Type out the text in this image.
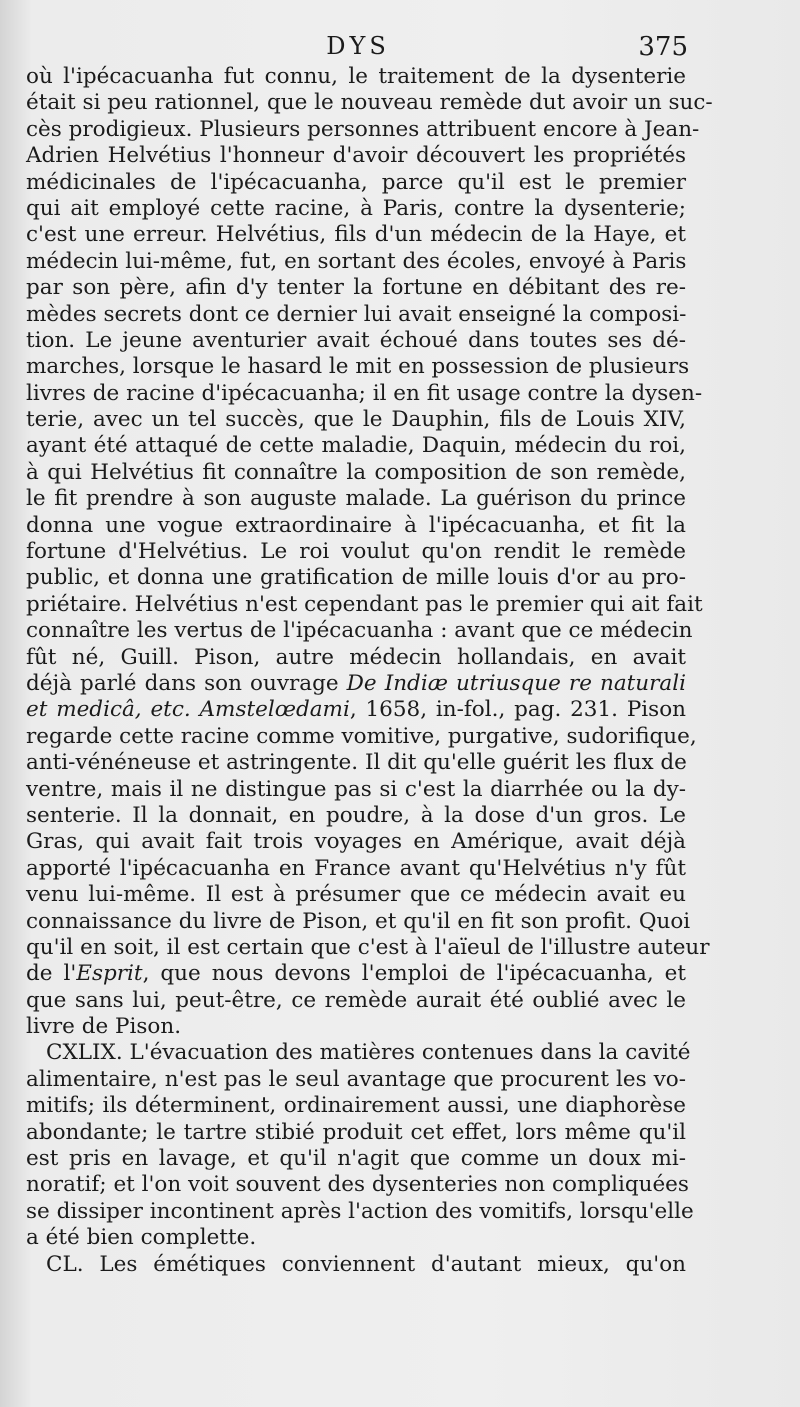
DYS	375
où l'ipécacuanha fut connu, le traitement de la dysenterie
était si peu rationnel, que le nouveau remède dut avoir un suc-
cès prodigieux. Plusieurs personnes attribuent encore à Jean-
Adrien Helvétius l'honneur d'avoir découvert les propriétés
médicinales de l'ipécacuanha, parce qu'il est le premier
qui ait employé cette racine, à Paris, contre la dysenterie;
c'est une erreur. Helvétius, fils d'un médecin de la Haye, et
médecin lui-même, fut, en sortant des écoles, envoyé à Paris
par son père, afin d'y tenter la fortune en débitant des re-
mèdes secrets dont ce dernier lui avait enseigné la composi-
tion. Le jeune aventurier avait échoué dans toutes ses dé-
marches, lorsque le hasard le mit en possession de plusieurs
livres de racine d'ipécacuanha; il en fit usage contre la dysen-
terie, avec un tel succès, que le Dauphin, fils de Louis XIV,
ayant été attaqué de cette maladie, Daquin, médecin du roi,
à qui Helvétius fit connaître la composition de son remède,
le fit prendre à son auguste malade. La guérison du prince
donna une vogue extraordinaire à l'ipécacuanha, et fit la
fortune d'Helvétius. Le roi voulut qu'on rendit le remède
public, et donna une gratification de mille louis d'or au pro-
priétaire. Helvétius n'est cependant pas le premier qui ait fait
connaître les vertus de l'ipécacuanha : avant que ce médecin
fût né, Guill. Pison, autre médecin hollandais, en avait
déjà parlé dans son ouvrage De Indiæ utriusque re naturali
et medicâ, etc. Amstelœdami, 1658, in-fol., pag. 231. Pison
regarde cette racine comme vomitive, purgative, sudorifique,
anti-vénéneuse et astringente. Il dit qu'elle guérit les flux de
ventre, mais il ne distingue pas si c'est la diarrhée ou la dy-
senterie. Il la donnait, en poudre, à la dose d'un gros. Le
Gras, qui avait fait trois voyages en Amérique, avait déjà
apporté l'ipécacuanha en France avant qu'Helvétius n'y fût
venu lui-même. Il est à présumer que ce médecin avait eu
connaissance du livre de Pison, et qu'il en fit son profit. Quoi
qu'il en soit, il est certain que c'est à l'aïeul de l'illustre auteur
de l'Esprit, que nous devons l'emploi de l'ipécacuanha, et
que sans lui, peut-être, ce remède aurait été oublié avec le
livre de Pison.
CXLIX. L'évacuation des matières contenues dans la cavité
alimentaire, n'est pas le seul avantage que procurent les vo-
mitifs; ils déterminent, ordinairement aussi, une diaphorèse
abondante; le tartre stibié produit cet effet, lors même qu'il
est pris en lavage, et qu'il n'agit que comme un doux mi-
noratif; et l'on voit souvent des dysenteries non compliquées
se dissiper incontinent après l'action des vomitifs, lorsqu'elle
a été bien complette.
CL. Les émétiques conviennent d'autant mieux, qu'on
